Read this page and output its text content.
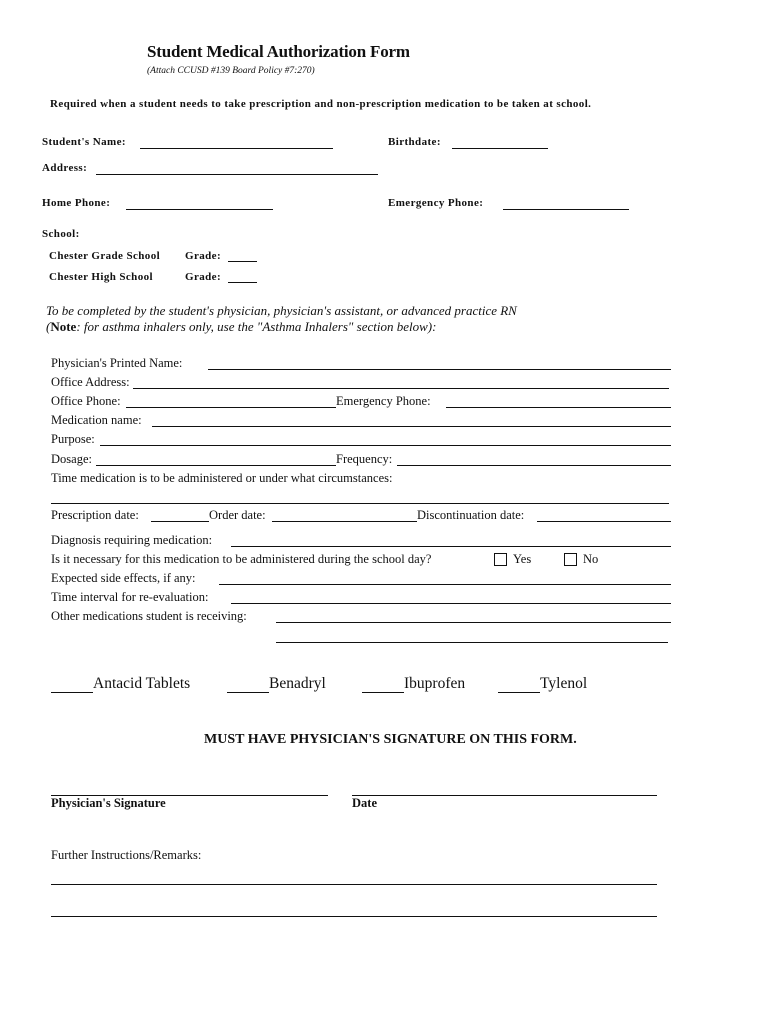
Student Medical Authorization Form
(Attach CCUSD #139 Board Policy #7:270)
Required when a student needs to take prescription and non-prescription medication to be taken at school.
Student's Name:	Birthdate:
Address:
Home Phone:	Emergency Phone:
School:
Chester Grade School Grade:
Chester High School	Grade:
To be completed by the student's physician, physician's assistant, or advanced practice RN
(Note: for asthma inhalers only, use the "Asthma Inhalers" section below):
Physician's Printed Name:
Office Address:
Office Phone:	Emergency Phone:
Medication name:
Purpose:
Dosage:	Frequency:
Time medication is to be administered or under what circumstances:
Prescription date:	Order date:	Discontinuation date:
Diagnosis requiring medication:
Is it necessary for this medication to be administered during the school day?	Yes	No
Expected side effects, if any:
Time interval for re-evaluation:
Other medications student is receiving:
Antacid Tablets	Benadryl	Ibuprofen	Tylenol
MUST HAVE PHYSICIAN'S SIGNATURE ON THIS FORM.
Physician's Signature	Date
Further Instructions/Remarks:
